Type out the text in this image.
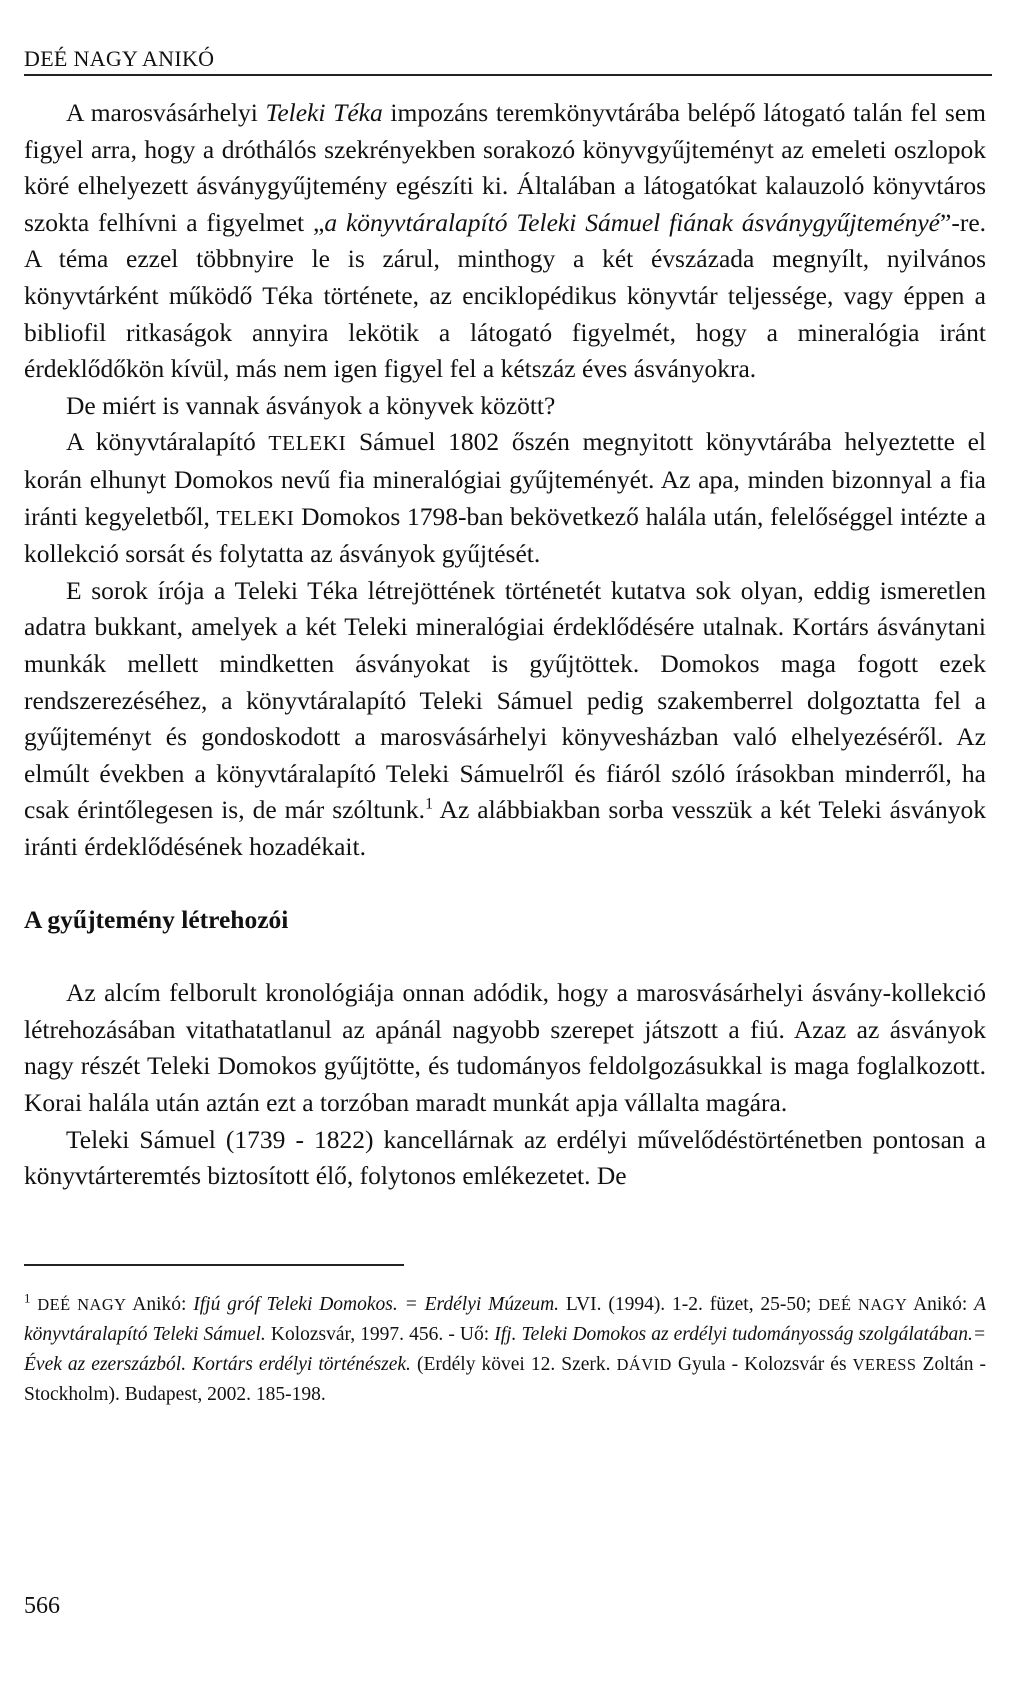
DEÉ NAGY ANIKÓ

A marosvásárhelyi Teleki Téka impozáns teremkönyvtárába belépő látogató talán fel sem figyel arra, hogy a dróthálós szekrényekben sorakozó könyvgyűjteményt az emeleti oszlopok köré elhelyezett ásványgyűjtemény egészíti ki. Általában a látogatókat kalauzoló könyvtáros szokta felhívni a figyelmet „a könyvtáralapító Teleki Sámuel fiának ásványgyűjteményé”-re. A téma ezzel többnyire le is zárul, minthogy a két évszázada megnyílt, nyilvános könyvtárként működő Téka története, az enciklopédikus könyvtár teljessége, vagy éppen a bibliofil ritkaságok annyira lekötik a látogató figyelmét, hogy a mineralógia iránt érdeklődőkön kívül, más nem igen figyel fel a kétszáz éves ásványokra.

De miért is vannak ásványok a könyvek között?

A könyvtáralapító TELEKI Sámuel 1802 őszén megnyitott könyvtárába helyeztette el korán elhunyt Domokos nevű fia mineralógiai gyűjteményét. Az apa, minden bizonnyal a fia iránti kegyeletből, TELEKI Domokos 1798-ban bekövetkező halála után, felelőséggel intézte a kollekció sorsát és folytatta az ásványok gyűjtését.

E sorok írója a Teleki Téka létrejöttének történetét kutatva sok olyan, eddig ismeretlen adatra bukkant, amelyek a két Teleki mineralógiai érdeklődésére utalnak. Kortárs ásványtani munkák mellett mindketten ásványokat is gyűjtöttek. Domokos maga fogott ezek rendszerezéséhez, a könyvtáralapító Teleki Sámuel pedig szakemberrel dolgoztatta fel a gyűjteményt és gondoskodott a marosvásárhelyi könyvesházban való elhelyezéséről. Az elmúlt években a könyvtáralapító Teleki Sámuelről és fiáról szóló írásokban minderről, ha csak érintőlegesen is, de már szóltunk.$^1$ Az alábbiakban sorba vesszük a két Teleki ásványok iránti érdeklődésének hozadékait.

A gyűjtemény létrehozói

Az alcím felborult kronológiája onnan adódik, hogy a marosvásárhelyi ásvány-kollekció létrehozásában vitathatatlanul az apánál nagyobb szerepet játszott a fiú. Azaz az ásványok nagy részét Teleki Domokos gyűjtötte, és tudományos feldolgozásukkal is maga foglalkozott. Korai halála után aztán ezt a torzóban maradt munkát apja vállalta magára.

Teleki Sámuel (1739 - 1822) kancellárnak az erdélyi művelődéstörténetben pontosan a könyvtárteremtés biztosított élő, folytonos emlékezetet. De

$^1$ DEÉ NAGY Anikó: Ifjú gróf Teleki Domokos. = Erdélyi Múzeum. LVI. (1994). 1-2. füzet, 25-50; DEÉ NAGY Anikó: A könyvtáralapító Teleki Sámuel. Kolozsvár, 1997. 456. - Uő: Ifj. Teleki Domokos az erdélyi tudományosság szolgálatában.= Évek az ezerszázból. Kortárs erdélyi történészek. (Erdély kövei 12. Szerk. DÁVID Gyula - Kolozsvár és VERESS Zoltán - Stockholm). Budapest, 2002. 185-198.
566
